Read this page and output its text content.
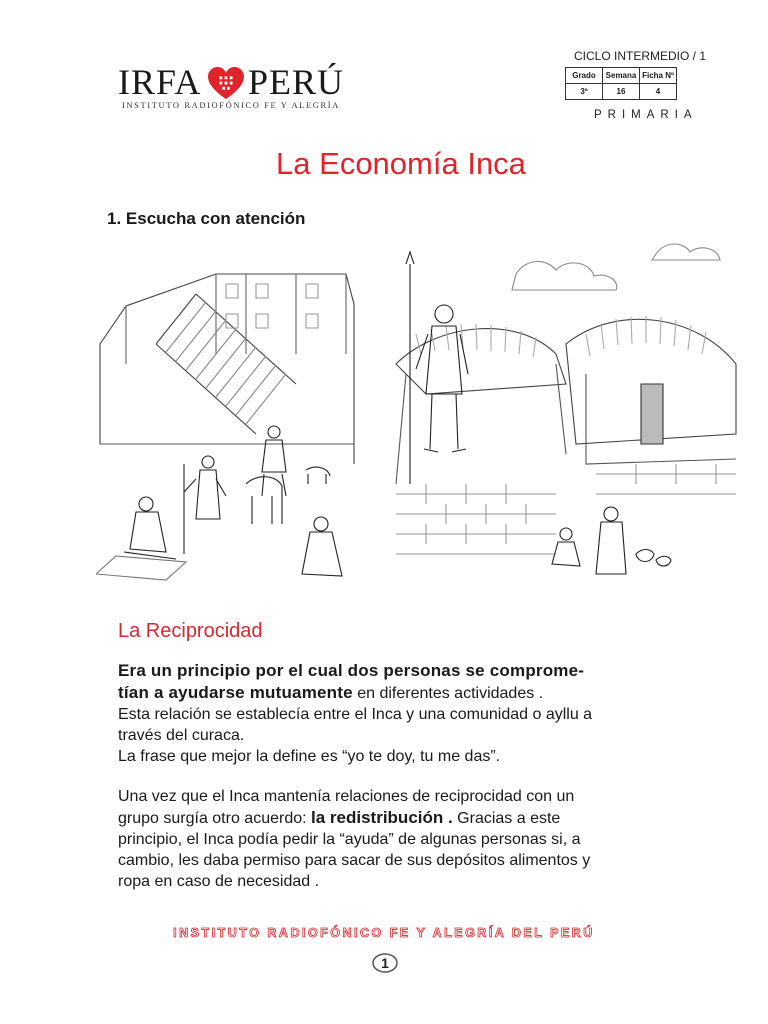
IRFA PERÚ
INSTITUTO RADIOFÓNICO FE Y ALEGRÍA
CICLO INTERMEDIO / 1
Grado	Semana	Ficha Nº
3º	16	4
PRIMARIA
La Economía Inca
1. Escucha con atención
La Reciprocidad
Era un principio por el cual dos personas se comprome-
tían a ayudarse mutuamente en diferentes actividades .
Esta relación se establecía entre el Inca y una comunidad o ayllu a
través del curaca.
La frase que mejor la define es “yo te doy, tu me das”.
Una vez que el Inca mantenía relaciones de reciprocidad con un
grupo surgía otro acuerdo: la redistribución . Gracias a este
principio, el Inca podía pedir la “ayuda” de algunas personas si, a
cambio, les daba permiso para sacar de sus depósitos alimentos y
ropa en caso de necesidad .
INSTITUTO RADIOFÓNICO FE Y ALEGRÍA DEL PERÚ
1
